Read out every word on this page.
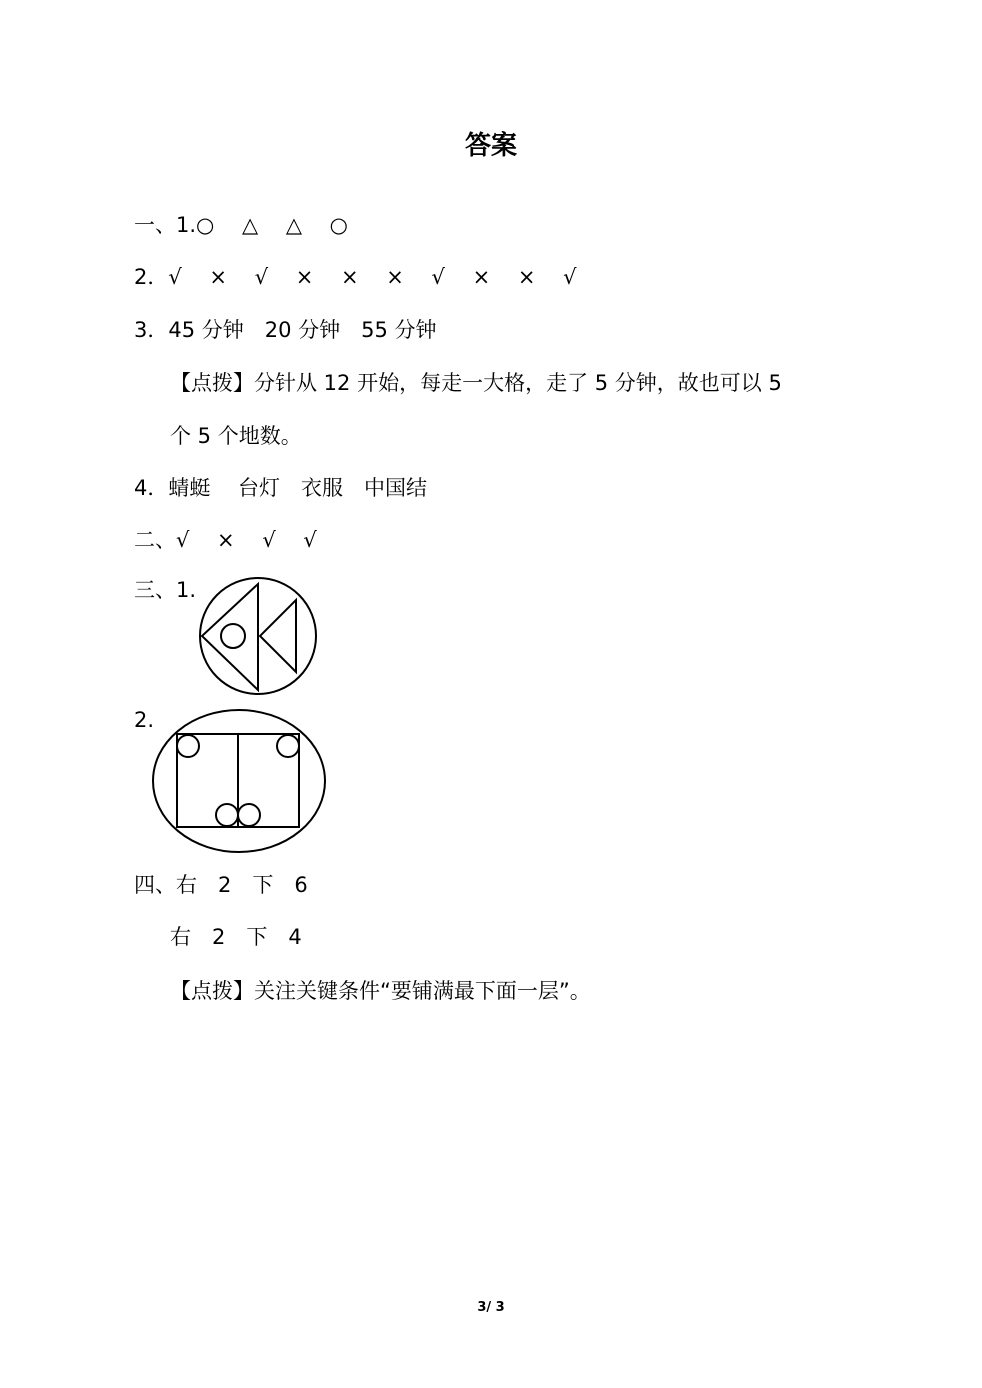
答案
一、1.○　 △ 　△ 　○
2．√ 　× 　√ 　× 　× 　× 　√ 　× 　× 　√
3．45 分钟　20 分钟　55 分钟
【点拨】分针从 12 开始，每走一大格，走了 5 分钟，故也可以 5
个 5 个地数。
4．蜻蜓　 台灯　衣服　中国结
二、√ 　× 　√ 　√
三、1.
2.
四、右　2　下　6
右　2　下　4
【点拨】关注关键条件“要铺满最下面一层”。
3/ 3
